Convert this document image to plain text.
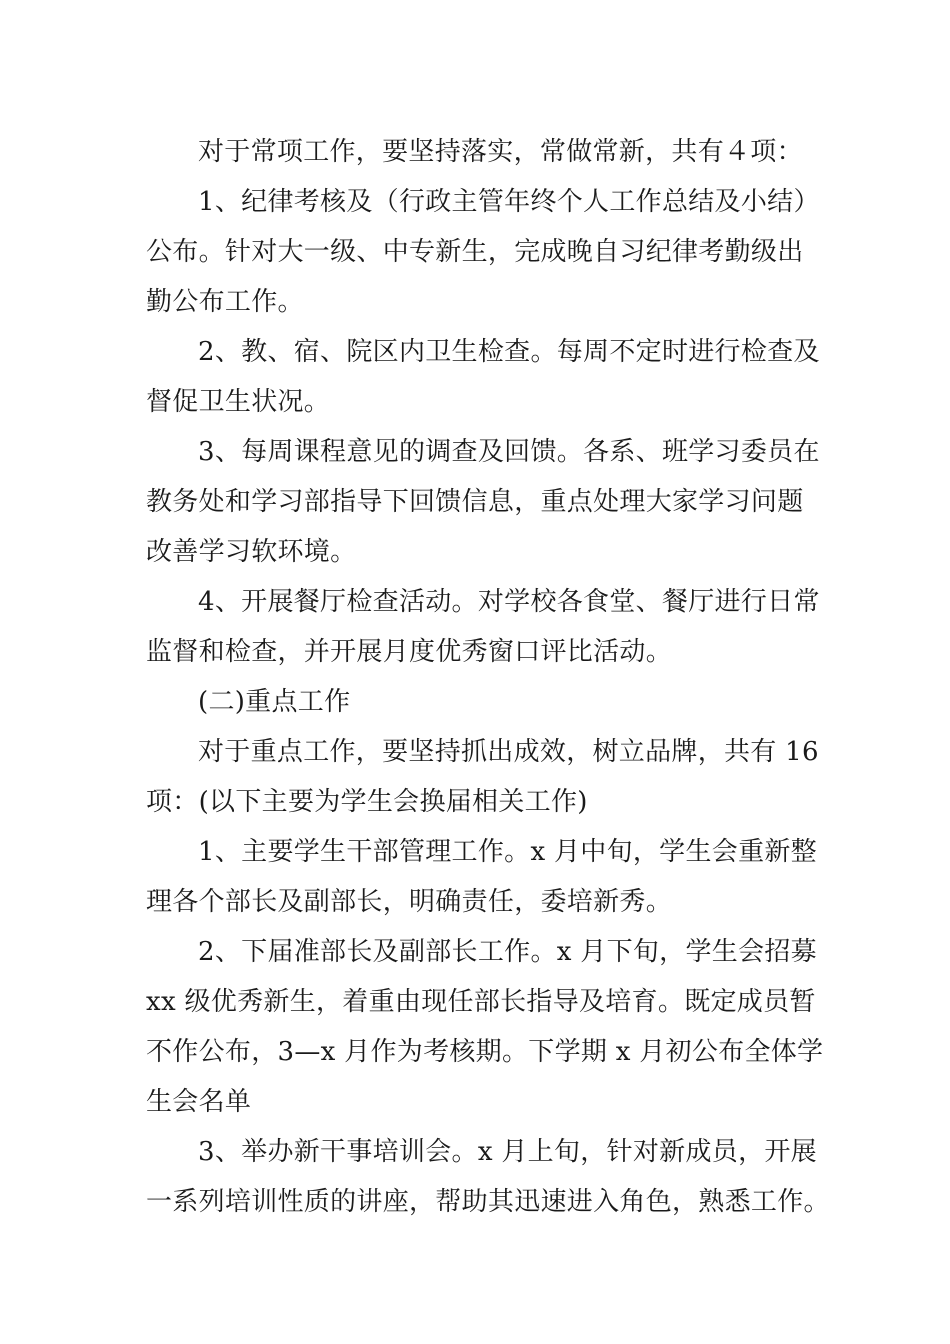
对于常项工作，要坚持落实，常做常新，共有４项：

1、纪律考核及（行政主管年终个人工作总结及小结）
公布。针对大一级、中专新生，完成晚自习纪律考勤级出
勤公布工作。

2、教、宿、院区内卫生检查。每周不定时进行检查及
督促卫生状况。

3、每周课程意见的调查及回馈。各系、班学习委员在
教务处和学习部指导下回馈信息，重点处理大家学习问题
改善学习软环境。

4、开展餐厅检查活动。对学校各食堂、餐厅进行日常
监督和检查，并开展月度优秀窗口评比活动。

(二)重点工作

对于重点工作，要坚持抓出成效，树立品牌，共有 16
项：(以下主要为学生会换届相关工作)

1、主要学生干部管理工作。x 月中旬，学生会重新整
理各个部长及副部长，明确责任，委培新秀。

2、下届准部长及副部长工作。x 月下旬，学生会招募
xx 级优秀新生，着重由现任部长指导及培育。既定成员暂
不作公布，3—x 月作为考核期。下学期 x 月初公布全体学
生会名单

3、举办新干事培训会。x 月上旬，针对新成员，开展
一系列培训性质的讲座，帮助其迅速进入角色，熟悉工作。
